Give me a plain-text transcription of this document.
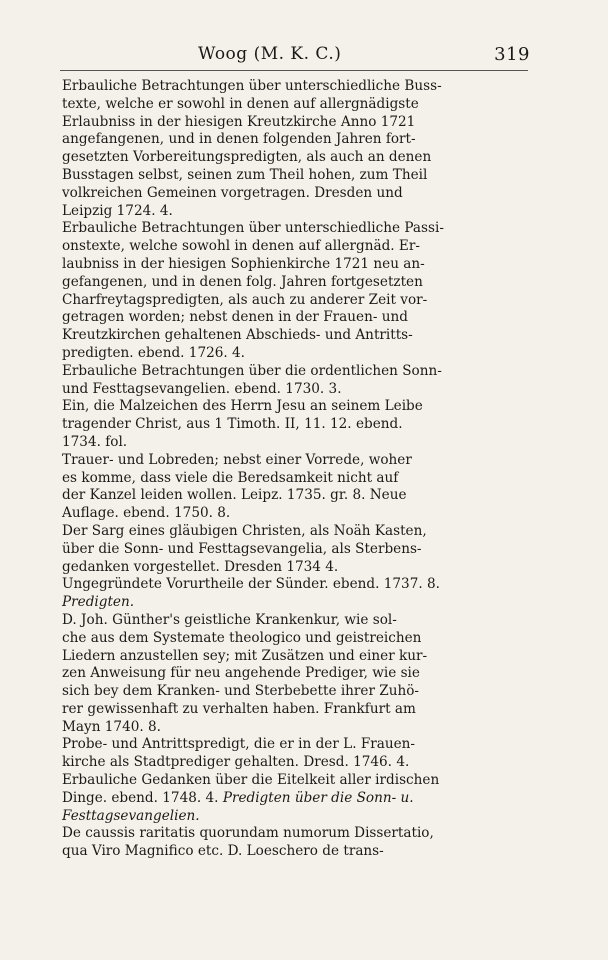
Woog (M. K. C.)	319

Erbauliche Betrachtungen über unterschiedliche Buss-
texte, welche er sowohl in denen auf allergnädigste
Erlaubniss in der hiesigen Kreutzkirche Anno 1721
angefangenen, und in denen folgenden Jahren fort-
gesetzten Vorbereitungspredigten, als auch an denen
Busstagen selbst, seinen zum Theil hohen, zum Theil
volkreichen Gemeinen vorgetragen. Dresden und
Leipzig 1724. 4.

Erbauliche Betrachtungen über unterschiedliche Passi-
onstexte, welche sowohl in denen auf allergnäd. Er-
laubniss in der hiesigen Sophienkirche 1721 neu an-
gefangenen, und in denen folg. Jahren fortgesetzten
Charfreytagspredigten, als auch zu anderer Zeit vor-
getragen worden; nebst denen in der Frauen- und
Kreutzkirchen gehaltenen Abschieds- und Antritts-
predigten. ebend. 1726. 4.

Erbauliche Betrachtungen über die ordentlichen Sonn-
und Festtagsevangelien. ebend. 1730. 3.

Ein, die Malzeichen des Herrn Jesu an seinem Leibe
tragender Christ, aus 1 Timoth. II, 11. 12. ebend.
1734. fol.

Trauer- und Lobreden; nebst einer Vorrede, woher
es komme, dass viele die Beredsamkeit nicht auf
der Kanzel leiden wollen. Leipz. 1735. gr. 8. Neue
Auflage. ebend. 1750. 8.

Der Sarg eines gläubigen Christen, als Noäh Kasten,
über die Sonn- und Festtagsevangelia, als Sterbens-
gedanken vorgestellet. Dresden 1734 4.

Ungegründete Vorurtheile der Sünder. ebend. 1737. 8.
Predigten.

D. Joh. Günther's geistliche Krankenkur, wie sol-
che aus dem Systemate theologico und geistreichen
Liedern anzustellen sey; mit Zusätzen und einer kur-
zen Anweisung für neu angehende Prediger, wie sie
sich bey dem Kranken- und Sterbebette ihrer Zuhö-
rer gewissenhaft zu verhalten haben. Frankfurt am
Mayn 1740. 8.

Probe- und Antrittspredigt, die er in der L. Frauen-
kirche als Stadtprediger gehalten. Dresd. 1746. 4.

Erbauliche Gedanken über die Eitelkeit aller irdischen
Dinge. ebend. 1748. 4. Predigten über die Sonn- u.
Festtagsevangelien.

De caussis raritatis quorundam numorum Dissertatio,
qua Viro Magnifico etc. D. Loeschero de trans-
